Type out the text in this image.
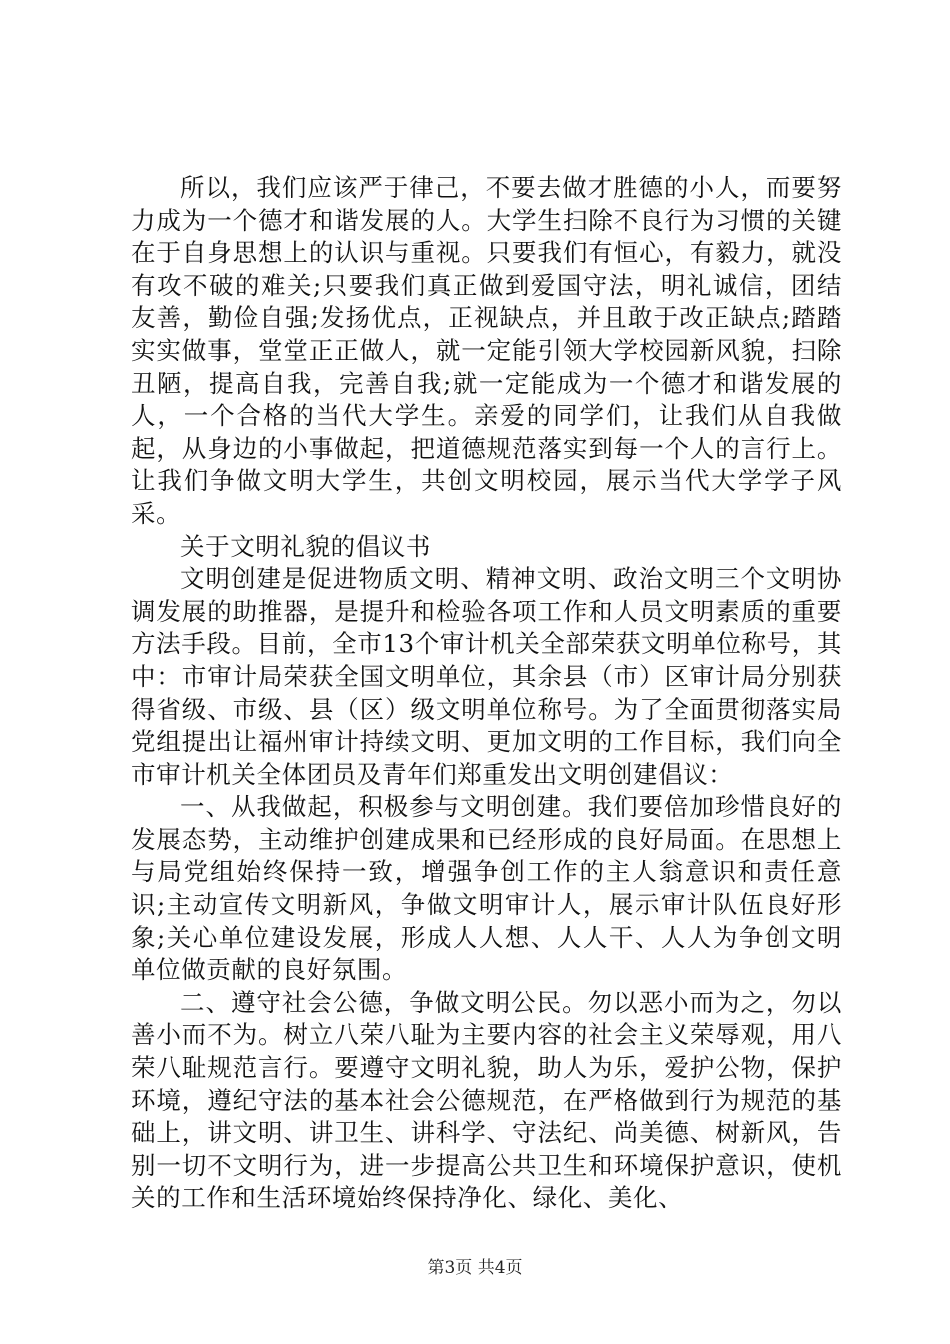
所以，我们应该严于律己，不要去做才胜德的小人，而要努力成为一个德才和谐发展的人。大学生扫除不良行为习惯的关键在于自身思想上的认识与重视。只要我们有恒心，有毅力，就没有攻不破的难关;只要我们真正做到爱国守法，明礼诚信，团结友善，勤俭自强;发扬优点，正视缺点，并且敢于改正缺点;踏踏实实做事，堂堂正正做人，就一定能引领大学校园新风貌，扫除丑陋，提高自我，完善自我;就一定能成为一个德才和谐发展的人，一个合格的当代大学生。亲爱的同学们，让我们从自我做起，从身边的小事做起，把道德规范落实到每一个人的言行上。让我们争做文明大学生，共创文明校园，展示当代大学学子风采。

关于文明礼貌的倡议书

文明创建是促进物质文明、精神文明、政治文明三个文明协调发展的助推器，是提升和检验各项工作和人员文明素质的重要方法手段。目前，全市13个审计机关全部荣获文明单位称号，其中：市审计局荣获全国文明单位，其余县（市）区审计局分别获得省级、市级、县（区）级文明单位称号。为了全面贯彻落实局党组提出让福州审计持续文明、更加文明的工作目标，我们向全市审计机关全体团员及青年们郑重发出文明创建倡议：

一、从我做起，积极参与文明创建。我们要倍加珍惜良好的发展态势，主动维护创建成果和已经形成的良好局面。在思想上与局党组始终保持一致，增强争创工作的主人翁意识和责任意识;主动宣传文明新风，争做文明审计人，展示审计队伍良好形象;关心单位建设发展，形成人人想、人人干、人人为争创文明单位做贡献的良好氛围。

二、遵守社会公德，争做文明公民。勿以恶小而为之，勿以善小而不为。树立八荣八耻为主要内容的社会主义荣辱观，用八荣八耻规范言行。要遵守文明礼貌，助人为乐，爱护公物，保护环境，遵纪守法的基本社会公德规范，在严格做到行为规范的基础上，讲文明、讲卫生、讲科学、守法纪、尚美德、树新风，告别一切不文明行为，进一步提高公共卫生和环境保护意识，使机关的工作和生活环境始终保持净化、绿化、美化、

第3页 共4页
